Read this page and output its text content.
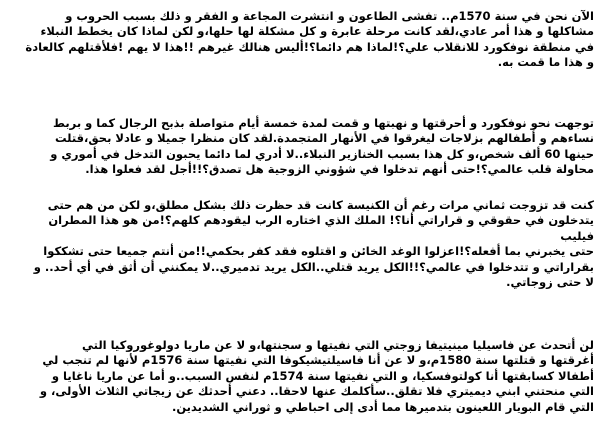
الآن نحن في سنة 1570م.. تفشى الطاعون و انتشرت المجاعة و الفقر و ذلك بسبب الحروب و
مشاكلها و هذا أمر عادي،لقد كانت مرحلة عابرة و كل مشكلة لها حلها،و لكن لماذا كان يخطط النبلاء
في منطقة نوفكورد للانقلاب علي؟!لماذا هم دائما؟!أليس هنالك غيرهم !!هذا لا يهم !فلأقتلهم كالعادة
و هذا ما قمت به.

توجهت نحو نوفكورد و أحرقتها و نهبتها و قمت لمدة خمسة أيام متواصلة بذبح الرجال كما و بربط
نساءهم و أطفالهم بزلاجات ليغرقوا في الأنهار المتجمدة.لقد كان منظرا جميلا و عادلا بحق،قتلت
حينها 60 ألف شخص،و كل هذا بسبب الخنازير النبلاء..لا أدري لما دائما يحبون التدخل في أموري و
محاولة قلب عالمي؟!حتى أنهم تدخلوا في شؤوني الزوجية هل تصدق؟!!أجل لقد فعلوا هذا.

كنت قد تزوجت ثماني مرات رغم أن الكنيسة كانت قد حظرت ذلك بشكل مطلق،و لكن من هم حتى
يتدخلون في حقوقي و قراراتي أنا؟! الملك الذي اختاره الرب ليقودهم كلهم؟!من هو هذا المطران فيليب
حتى يخبرني بما أفعله؟!اعزلوا الوغد الخائن و اقتلوه فقد كفر بحكمي!!من أنتم جميعا حتى تشككوا
بقراراتي و تتدخلوا في عالمي؟!!الكل يريد قتلي..الكل يريد تدميري..لا يمكنني أن أثق في أي أحد.. و
لا حتى زوجاتي.

لن أتحدث عن فاسيليا مينيتيفا زوجتي التي نفيتها و سجنتها،و لا عن ماريا دولوغوروكيا التي
أغرقتها و قتلتها سنة 1580م،و لا عن أنا فاسيلتيشيكوفا التي نفيتها سنة 1576م لأنها لم تنجب لي
أطفالا كسابقتها أنا كولتوفسكيا، و التي نفيتها سنة 1574م لنفس السبب..و أما عن ماريا ناغايا و
التي منحتني ابني ديميتري فلا تقلق..سأكلمك عنها لاحقا.. دعني أحدثك عن زيجاتي الثلاث الأولى، و
التي قام البويار اللعينون بتدميرها مما أدى إلى احباطي و ثوراني الشديدين.
